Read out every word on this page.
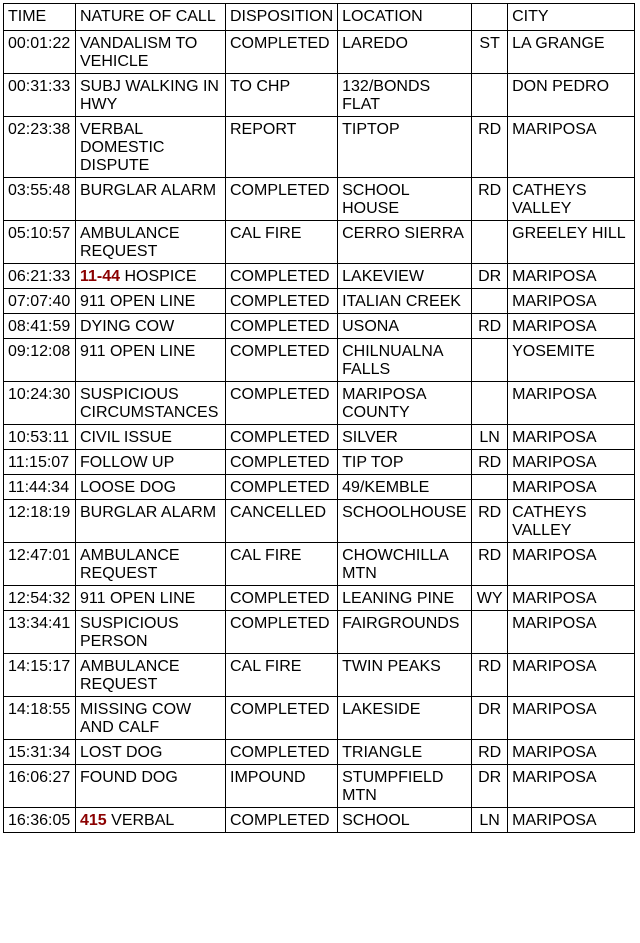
TIME	NATURE OF CALL	DISPOSITION	LOCATION		CITY
00:01:22	VANDALISM TO VEHICLE	COMPLETED	LAREDO	ST	LA GRANGE
00:31:33	SUBJ WALKING IN HWY	TO CHP	132/BONDS FLAT		DON PEDRO
02:23:38	VERBAL DOMESTIC DISPUTE	REPORT	TIPTOP	RD	MARIPOSA
03:55:48	BURGLAR ALARM	COMPLETED	SCHOOL HOUSE	RD	CATHEYS VALLEY
05:10:57	AMBULANCE REQUEST	CAL FIRE	CERRO SIERRA		GREELEY HILL
06:21:33	11-44 HOSPICE	COMPLETED	LAKEVIEW	DR	MARIPOSA
07:07:40	911 OPEN LINE	COMPLETED	ITALIAN CREEK		MARIPOSA
08:41:59	DYING COW	COMPLETED	USONA	RD	MARIPOSA
09:12:08	911 OPEN LINE	COMPLETED	CHILNUALNA FALLS		YOSEMITE
10:24:30	SUSPICIOUS CIRCUMSTANCES	COMPLETED	MARIPOSA COUNTY		MARIPOSA
10:53:11	CIVIL ISSUE	COMPLETED	SILVER	LN	MARIPOSA
11:15:07	FOLLOW UP	COMPLETED	TIP TOP	RD	MARIPOSA
11:44:34	LOOSE DOG	COMPLETED	49/KEMBLE		MARIPOSA
12:18:19	BURGLAR ALARM	CANCELLED	SCHOOLHOUSE	RD	CATHEYS VALLEY
12:47:01	AMBULANCE REQUEST	CAL FIRE	CHOWCHILLA MTN	RD	MARIPOSA
12:54:32	911 OPEN LINE	COMPLETED	LEANING PINE	WY	MARIPOSA
13:34:41	SUSPICIOUS PERSON	COMPLETED	FAIRGROUNDS		MARIPOSA
14:15:17	AMBULANCE REQUEST	CAL FIRE	TWIN PEAKS	RD	MARIPOSA
14:18:55	MISSING COW AND CALF	COMPLETED	LAKESIDE	DR	MARIPOSA
15:31:34	LOST DOG	COMPLETED	TRIANGLE	RD	MARIPOSA
16:06:27	FOUND DOG	IMPOUND	STUMPFIELD MTN	DR	MARIPOSA
16:36:05	415 VERBAL	COMPLETED	SCHOOL	LN	MARIPOSA
